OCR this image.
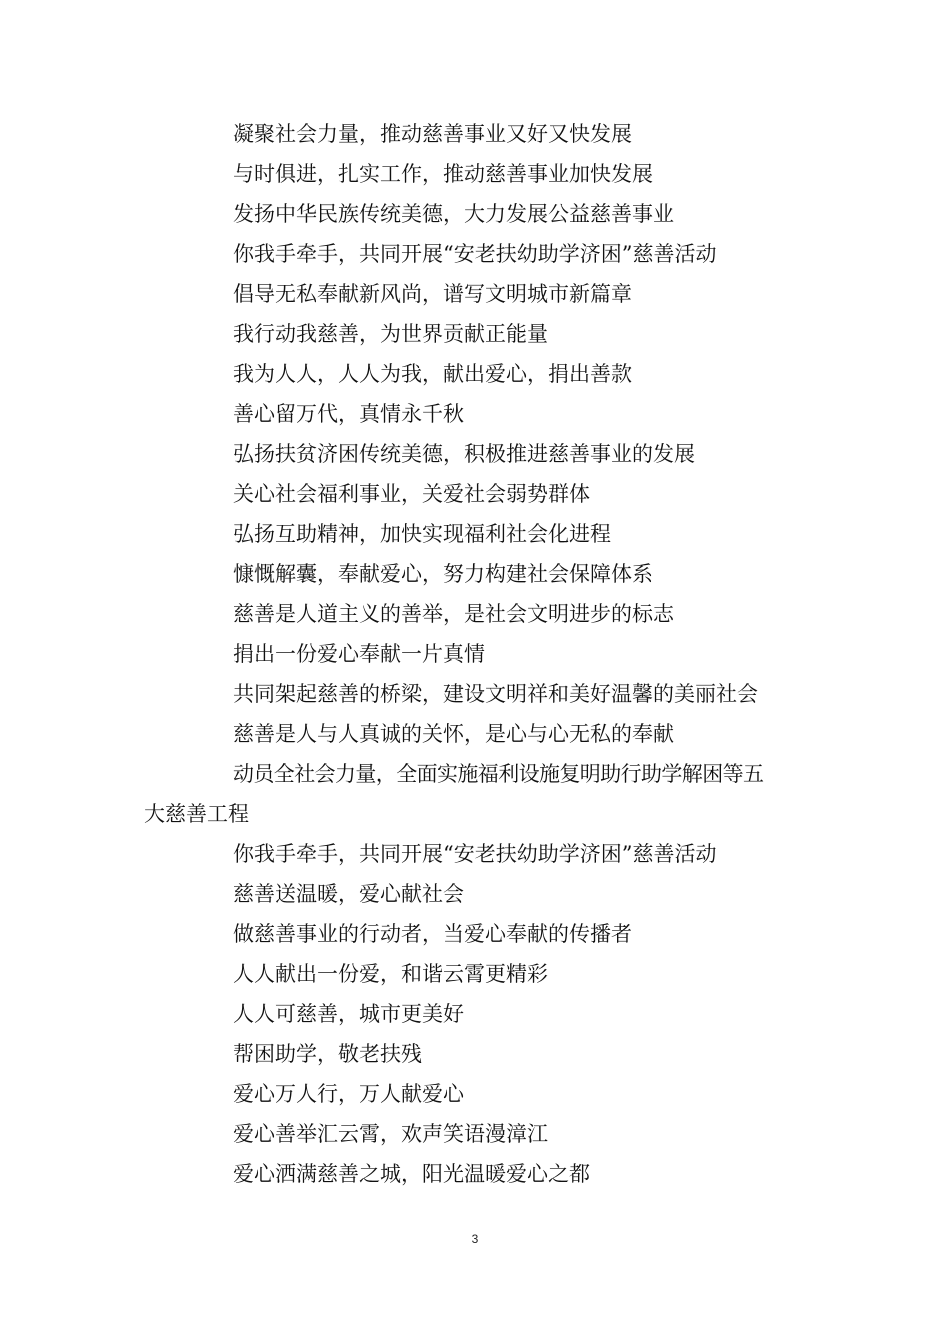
凝聚社会力量，推动慈善事业又好又快发展
与时俱进，扎实工作，推动慈善事业加快发展
发扬中华民族传统美德，大力发展公益慈善事业
你我手牵手，共同开展“安老扶幼助学济困”慈善活动
倡导无私奉献新风尚，谱写文明城市新篇章
我行动我慈善，为世界贡献正能量
我为人人，人人为我，献出爱心，捐出善款
善心留万代，真情永千秋
弘扬扶贫济困传统美德，积极推进慈善事业的发展
关心社会福利事业，关爱社会弱势群体
弘扬互助精神，加快实现福利社会化进程
慷慨解囊，奉献爱心，努力构建社会保障体系
慈善是人道主义的善举，是社会文明进步的标志
捐出一份爱心奉献一片真情
共同架起慈善的桥梁，建设文明祥和美好温馨的美丽社会
慈善是人与人真诚的关怀，是心与心无私的奉献
动员全社会力量，全面实施福利设施复明助行助学解困等五
大慈善工程
你我手牵手，共同开展“安老扶幼助学济困”慈善活动
慈善送温暖，爱心献社会
做慈善事业的行动者，当爱心奉献的传播者
人人献出一份爱，和谐云霄更精彩
人人可慈善，城市更美好
帮困助学，敬老扶残
爱心万人行，万人献爱心
爱心善举汇云霄，欢声笑语漫漳江
爱心洒满慈善之城，阳光温暖爱心之都
3
